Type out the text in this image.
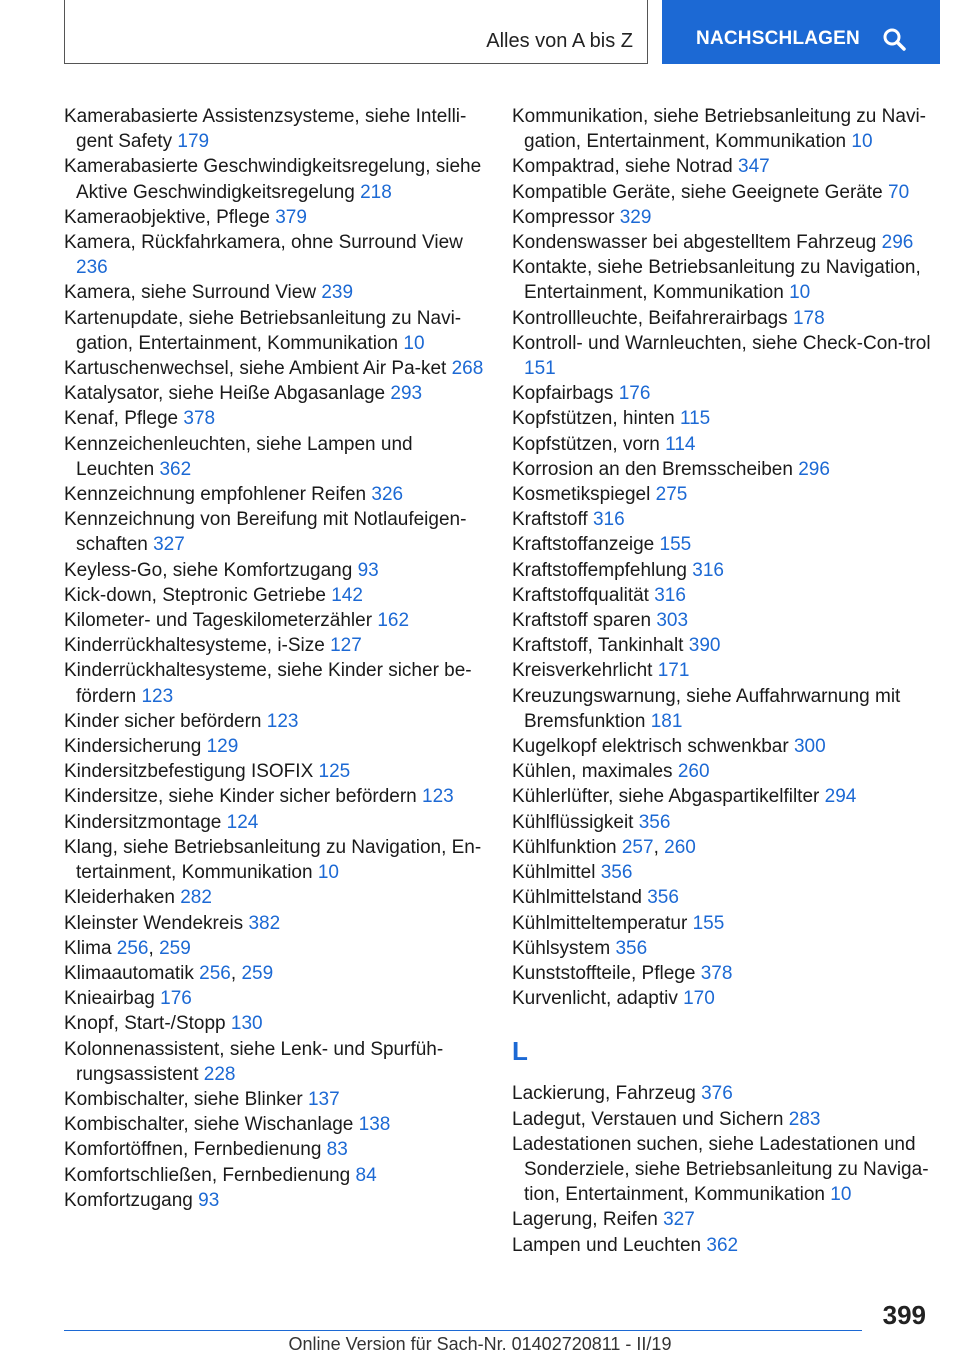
Alles von A bis Z	NACHSCHLAGEN
Kamerabasierte Assistenzsysteme, siehe Intelli-gent Safety 179
Kamerabasierte Geschwindigkeitsregelung, siehe Aktive Geschwindigkeitsregelung 218
Kameraobjektive, Pflege 379
Kamera, Rückfahrkamera, ohne Surround View 236
Kamera, siehe Surround View 239
Kartenupdate, siehe Betriebsanleitung zu Navi-gation, Entertainment, Kommunikation 10
Kartuschenwechsel, siehe Ambient Air Pa-ket 268
Katalysator, siehe Heiße Abgasanlage 293
Kenaf, Pflege 378
Kennzeichenleuchten, siehe Lampen und Leuchten 362
Kennzeichnung empfohlener Reifen 326
Kennzeichnung von Bereifung mit Notlaufeigen-schaften 327
Keyless-Go, siehe Komfortzugang 93
Kick-down, Steptronic Getriebe 142
Kilometer- und Tageskilometerzähler 162
Kinderrückhaltesysteme, i-Size 127
Kinderrückhaltesysteme, siehe Kinder sicher be-fördern 123
Kinder sicher befördern 123
Kindersicherung 129
Kindersitzbefestigung ISOFIX 125
Kindersitze, siehe Kinder sicher befördern 123
Kindersitzmontage 124
Klang, siehe Betriebsanleitung zu Navigation, En-tertainment, Kommunikation 10
Kleiderhaken 282
Kleinster Wendekreis 382
Klima 256, 259
Klimaautomatik 256, 259
Knieairbag 176
Knopf, Start-/Stopp 130
Kolonnenassistent, siehe Lenk- und Spurfüh-rungsassistent 228
Kombischalter, siehe Blinker 137
Kombischalter, siehe Wischanlage 138
Komfortöffnen, Fernbedienung 83
Komfortschließen, Fernbedienung 84
Komfortzugang 93
Kommunikation, siehe Betriebsanleitung zu Navi-gation, Entertainment, Kommunikation 10
Kompaktrad, siehe Notrad 347
Kompatible Geräte, siehe Geeignete Geräte 70
Kompressor 329
Kondenswasser bei abgestelltem Fahrzeug 296
Kontakte, siehe Betriebsanleitung zu Navigation, Entertainment, Kommunikation 10
Kontrollleuchte, Beifahrerairbags 178
Kontroll- und Warnleuchten, siehe Check-Con-trol 151
Kopfairbags 176
Kopfstützen, hinten 115
Kopfstützen, vorn 114
Korrosion an den Bremsscheiben 296
Kosmetikspiegel 275
Kraftstoff 316
Kraftstoffanzeige 155
Kraftstoffempfehlung 316
Kraftstoffqualität 316
Kraftstoff sparen 303
Kraftstoff, Tankinhalt 390
Kreisverkehrlicht 171
Kreuzungswarnung, siehe Auffahrwarnung mit Bremsfunktion 181
Kugelkopf elektrisch schwenkbar 300
Kühlen, maximales 260
Kühlerlüfter, siehe Abgaspartikelfilter 294
Kühlflüssigkeit 356
Kühlfunktion 257, 260
Kühlmittel 356
Kühlmittelstand 356
Kühlmitteltemperatur 155
Kühlsystem 356
Kunststoffteile, Pflege 378
Kurvenlicht, adaptiv 170
L
Lackierung, Fahrzeug 376
Ladegut, Verstauen und Sichern 283
Ladestationen suchen, siehe Ladestationen und Sonderziele, siehe Betriebsanleitung zu Naviga-tion, Entertainment, Kommunikation 10
Lagerung, Reifen 327
Lampen und Leuchten 362
399
Online Version für Sach-Nr. 01402720811 - II/19
